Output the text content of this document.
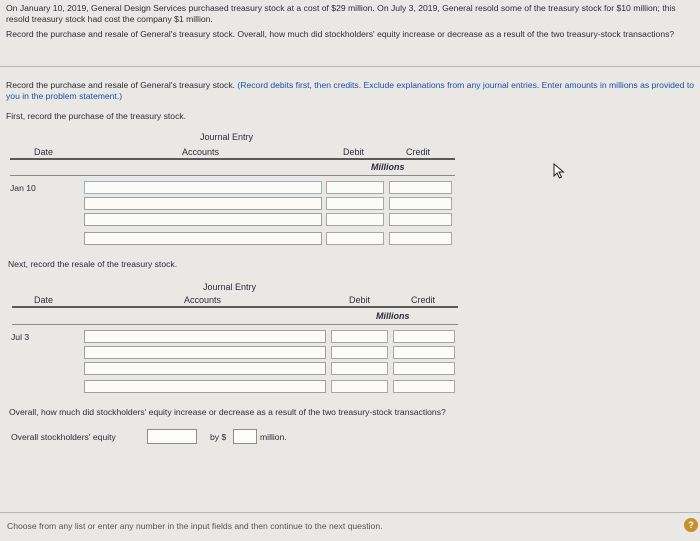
On January 10, 2019, General Design Services purchased treasury stock at a cost of $29 million. On July 3, 2019, General resold some of the treasury stock for $10 million; this resold treasury stock had cost the company $1 million.
Record the purchase and resale of General's treasury stock. Overall, how much did stockholders' equity increase or decrease as a result of the two treasury-stock transactions?
Record the purchase and resale of General's treasury stock. (Record debits first, then credits. Exclude explanations from any journal entries. Enter amounts in millions as provided to you in the problem statement.)
First, record the purchase of the treasury stock.
Journal Entry
Date	Accounts	Debit	Credit
Millions
Jan 10
Next, record the resale of the treasury stock.
Journal Entry
Date	Accounts	Debit	Credit
Millions
Jul 3
Overall, how much did stockholders' equity increase or decrease as a result of the two treasury-stock transactions?
Overall stockholders' equity	by $	million.
Choose from any list or enter any number in the input fields and then continue to the next question.	?
